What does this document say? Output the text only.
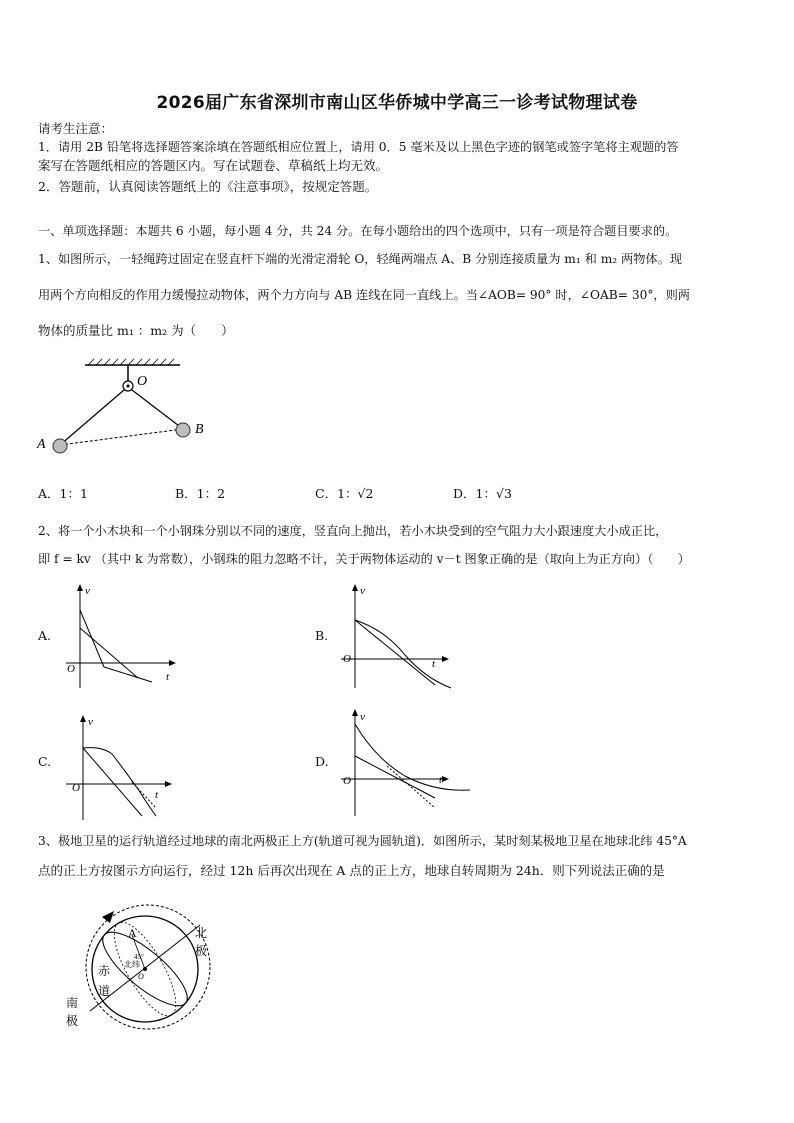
2026届广东省深圳市南山区华侨城中学高三一诊考试物理试卷
请考生注意：
1．请用 2B 铅笔将选择题答案涂填在答题纸相应位置上，请用 0．5 毫米及以上黑色字迹的钢笔或签字笔将主观题的答
案写在答题纸相应的答题区内。写在试题卷、草稿纸上均无效。
2．答题前，认真阅读答题纸上的《注意事项》，按规定答题。
一、单项选择题：本题共 6 小题，每小题 4 分，共 24 分。在每小题给出的四个选项中，只有一项是符合题目要求的。
1、如图所示，一轻绳跨过固定在竖直杆下端的光滑定滑轮 O，轻绳两端点 A、B 分别连接质量为 m₁ 和 m₂ 两物体。现
用两个方向相反的作用力缓慢拉动物体，两个力方向与 AB 连线在同一直线上。当∠AOB= 90° 时，∠OAB= 30°，则两
物体的质量比 m₁ ：m₂ 为（　　）
O
A
B
A．1：1	B．1：2	C．1：√2	D．1：√3
2、将一个小木块和一个小钢珠分别以不同的速度，竖直向上抛出，若小木块受到的空气阻力大小跟速度大小成正比，
即 f = kv （其中 k 为常数），小钢珠的阻力忽略不计，关于两物体运动的 v－t 图象正确的是（取向上为正方向）（　　）
A.
v
t
O
B.
v
t
O
C.
v
t
O
D.
v
t
O
3、极地卫星的运行轨道经过地球的南北两极正上方(轨道可视为圆轨道)．如图所示，某时刻某极地卫星在地球北纬 45°A
点的正上方按图示方向运行，经过 12h 后再次出现在 A 点的正上方，地球自转周期为 24h．则下列说法正确的是
A
45°
北纬
O
赤
道
北
极
南
极
